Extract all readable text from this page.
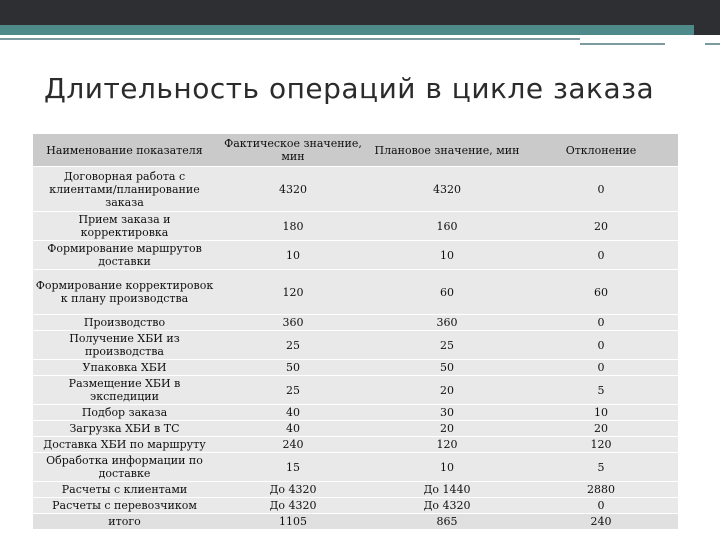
Длительность операций в цикле заказа
Наименование показателя	Фактическое значение, мин	Плановое значение, мин	Отклонение
Договорная работа с клиентами/планирование заказа	4320	4320	0
Прием заказа и корректировка	180	160	20
Формирование маршрутов доставки	10	10	0
Формирование корректировок к плану производства	120	60	60
Производство	360	360	0
Получение ХБИ из производства	25	25	0
Упаковка ХБИ	50	50	0
Размещение ХБИ в экспедиции	25	20	5
Подбор заказа	40	30	10
Загрузка ХБИ в ТС	40	20	20
Доставка ХБИ по маршруту	240	120	120
Обработка информации по доставке	15	10	5
Расчеты с клиентами	До 4320	До 1440	2880
Расчеты с перевозчиком	До 4320	До 4320	0
итого	1105	865	240
